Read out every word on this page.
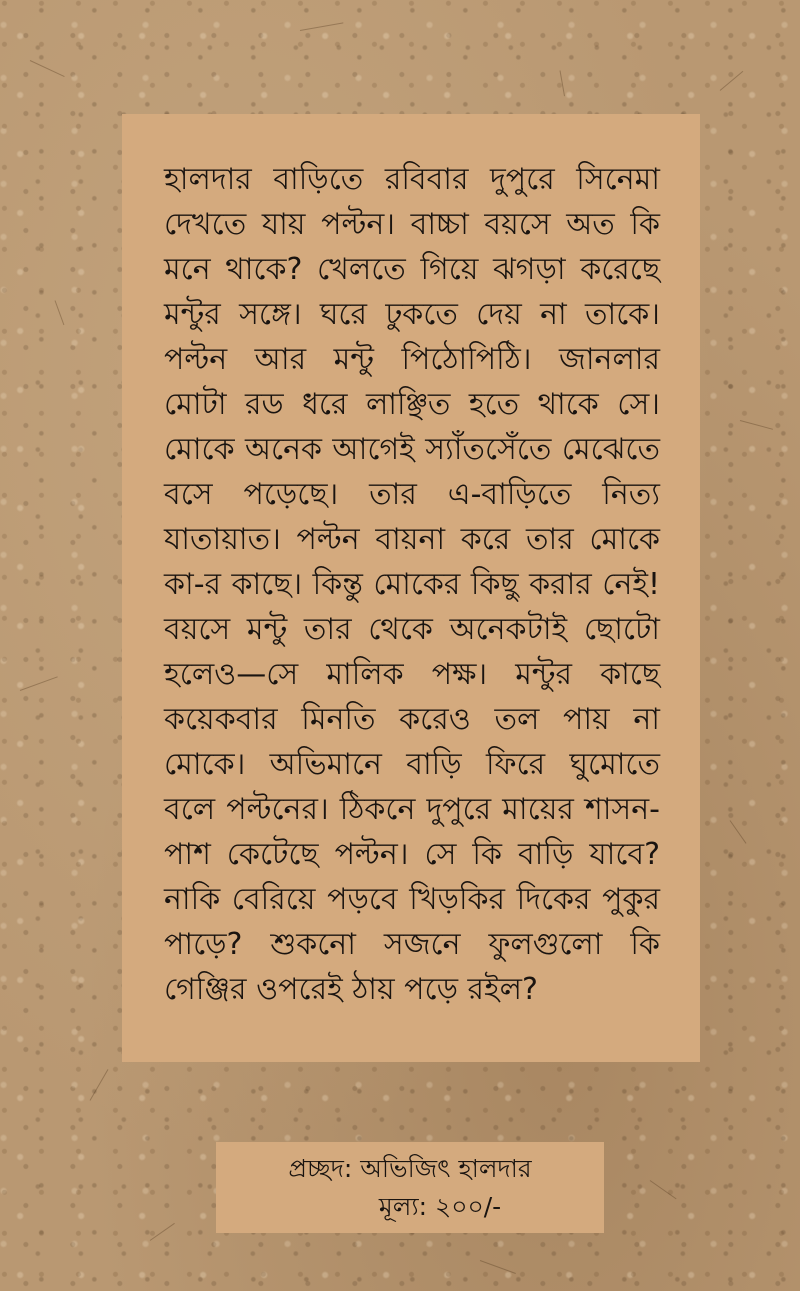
হালদার বাড়িতে রবিবার দুপুরে সিনেমা দেখতে যায় পল্টন। বাচ্চা বয়সে অত কি মনে থাকে? খেলতে গিয়ে ঝগড়া করেছে মন্টুর সঙ্গে। ঘরে ঢুকতে দেয় না তাকে। পল্টন আর মন্টু পিঠোপিঠি। জানলার মোটা রড ধরে লাঞ্ছিত হতে থাকে সে। মোকে অনেক আগেই স্যাঁতসেঁতে মেঝেতে বসে পড়েছে। তার এ-বাড়িতে নিত্য যাতায়াত। পল্টন বায়না করে তার মোকে কা-র কাছে। কিন্তু মোকের কিছু করার নেই! বয়সে মন্টু তার থেকে অনেকটাই ছোটো হলেও—সে মালিক পক্ষ। মন্টুর কাছে কয়েকবার মিনতি করেও তল পায় না মোকে। অভিমানে বাড়ি ফিরে ঘুমোতে বলে পল্টনের। ঠিকনে দুপুরে মায়ের শাসন-পাশ কেটেছে পল্টন। সে কি বাড়ি যাবে? নাকি বেরিয়ে পড়বে খিড়কির দিকের পুকুর পাড়ে? শুকনো সজনে ফুলগুলো কি গেঞ্জির ওপরেই ঠায় পড়ে রইল?

প্রচ্ছদ: অভিজিৎ হালদার
মূল্য: ২০০/-
